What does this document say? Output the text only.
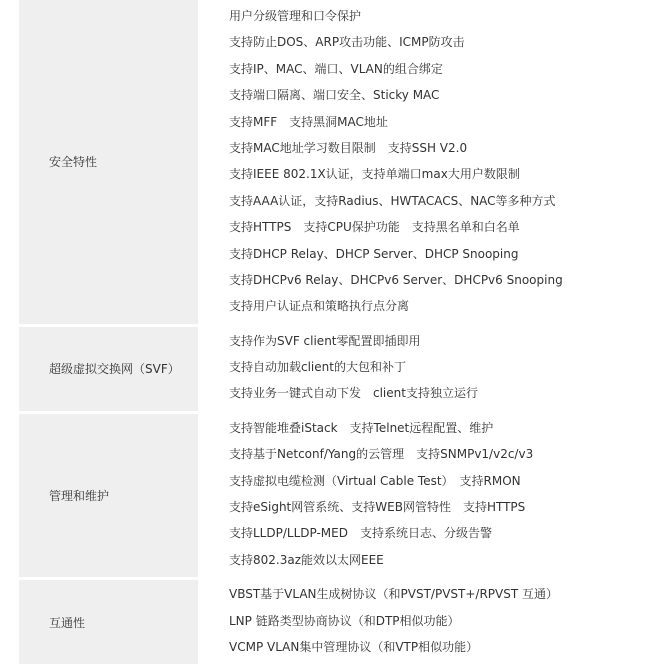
安全特性
用户分级管理和口令保护
支持防止DOS、ARP攻击功能、ICMP防攻击
支持IP、MAC、端口、VLAN的组合绑定
支持端口隔离、端口安全、Sticky MAC
支持MFF　支持黑洞MAC地址
支持MAC地址学习数目限制　支持SSH V2.0
支持IEEE 802.1X认证，支持单端口max大用户数限制
支持AAA认证，支持Radius、HWTACACS、NAC等多种方式
支持HTTPS　支持CPU保护功能　支持黑名单和白名单
支持DHCP Relay、DHCP Server、DHCP Snooping
支持DHCPv6 Relay、DHCPv6 Server、DHCPv6 Snooping
支持用户认证点和策略执行点分离
超级虚拟交换网（SVF）
支持作为SVF client零配置即插即用
支持自动加载client的大包和补丁
支持业务一键式自动下发　client支持独立运行
管理和维护
支持智能堆叠iStack　支持Telnet远程配置、维护
支持基于Netconf/Yang的云管理　支持SNMPv1/v2c/v3
支持虚拟电缆检测（Virtual Cable Test）　支持RMON
支持eSight网管系统、支持WEB网管特性　支持HTTPS
支持LLDP/LLDP-MED　支持系统日志、分级告警
支持802.3az能效以太网EEE
互通性
VBST基于VLAN生成树协议（和PVST/PVST+/RPVST 互通）
LNP 链路类型协商协议（和DTP相似功能）
VCMP VLAN集中管理协议（和VTP相似功能）
